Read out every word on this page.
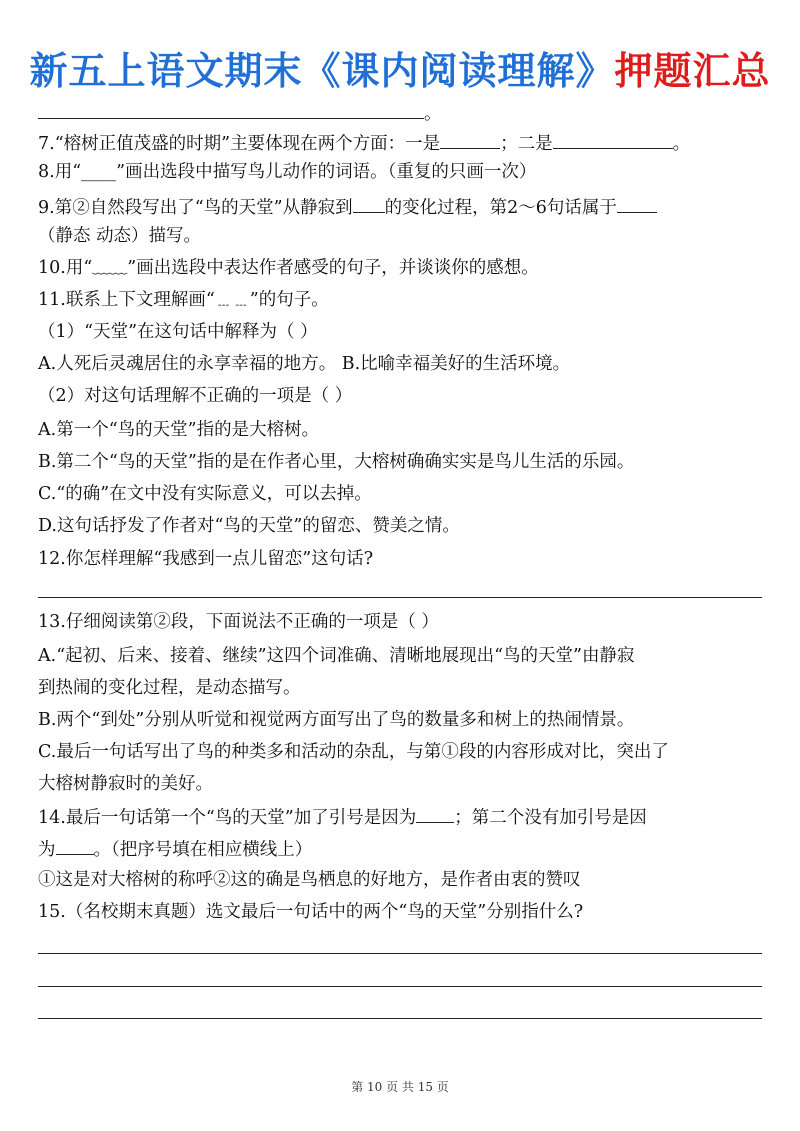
新五上语文期末《课内阅读理解》押题汇总
。
7.“榕树正值茂盛的时期”主要体现在两个方面：一是	；二是	。
8.用“____”画出选段中描写鸟儿动作的词语。（重复的只画一次）
9.第②自然段写出了“鸟的天堂”从静寂到 的变化过程，第2～6句话属于
（静态 动态）描写。
10.用“﹏﹏”画出选段中表达作者感受的句子，并谈谈你的感想。
11.联系上下文理解画“﹍﹍”的句子。
（1）“天堂”在这句话中解释为（ ）
A.人死后灵魂居住的永享幸福的地方。 B.比喻幸福美好的生活环境。
（2）对这句话理解不正确的一项是（ ）
A.第一个“鸟的天堂”指的是大榕树。
B.第二个“鸟的天堂”指的是在作者心里，大榕树确确实实是鸟儿生活的乐园。
C.“的确”在文中没有实际意义，可以去掉。
D.这句话抒发了作者对“鸟的天堂”的留恋、赞美之情。
12.你怎样理解“我感到一点儿留恋”这句话?
13.仔细阅读第②段，下面说法不正确的一项是（ ）
A.“起初、后来、接着、继续”这四个词准确、清晰地展现出“鸟的天堂”由静寂
到热闹的变化过程，是动态描写。
B.两个“到处”分别从听觉和视觉两方面写出了鸟的数量多和树上的热闹情景。
C.最后一句话写出了鸟的种类多和活动的杂乱，与第①段的内容形成对比，突出了
大榕树静寂时的美好。
14.最后一句话第一个“鸟的天堂”加了引号是因为 ；第二个没有加引号是因
为 。（把序号填在相应横线上）
①这是对大榕树的称呼②这的确是鸟栖息的好地方，是作者由衷的赞叹
15.（名校期末真题）选文最后一句话中的两个“鸟的天堂”分别指什么?
第 10 页 共 15 页
